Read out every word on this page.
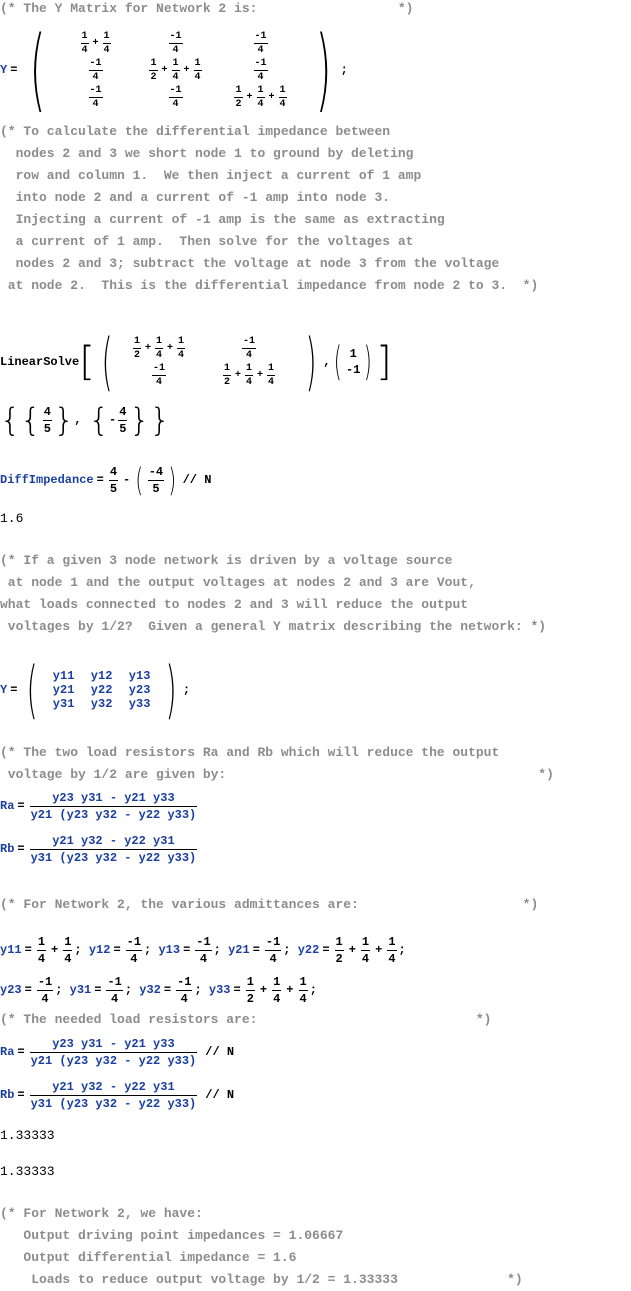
(* The Y Matrix for Network 2 is:                  *)
Y = (	1
4
+
1
4
-1
4
-1
4
-1
4
1
2
+
1
4
+
1
4
-1
4
-1
4
-1
4
1
2
+
1
4
+
1
4 ) ;
(* To calculate the differential impedance between
nodes 2 and 3 we short node 1 to ground by deleting
row and column 1.  We then inject a current of 1 amp
into node 2 and a current of -1 amp into node 3.
Injecting a current of -1 amp is the same as extracting
a current of 1 amp.  Then solve for the voltages at
nodes 2 and 3; subtract the voltage at node 3 from the voltage
at node 2.  This is the differential impedance from node 2 to 3.  *)
LinearSolve [ ( 1
2
+
1
4
+
1
4
-1
4
-1
4
1
2
+
1
4
+
1
4 ) , ( 1
-1 ) ]
{ { 4
5 } , { -
4
5 } }
DiffImpedance =
4
5
- ( -4
5 ) // N
1.6
(* If a given 3 node network is driven by a voltage source
at node 1 and the output voltages at nodes 2 and 3 are Vout,
what loads connected to nodes 2 and 3 will reduce the output
voltages by 1/2?  Given a general Y matrix describing the network: *)
Y = ( y11 y12 y13
y21 y22 y23
y31 y32 y33 ) ;
(* The two load resistors Ra and Rb which will reduce the output
voltage by 1/2 are given by:                                        *)
Ra =
y23 y31 - y21 y33
y21 (y23 y32 - y22 y33)
Rb =
y21 y32 - y22 y31
y31 (y23 y32 - y22 y33)
(* For Network 2, the various admittances are:                     *)
y11 =
1
4
+
1
4
; y12 =
-1
4
; y13 =
-1
4
; y21 =
-1
4
; y22 =
1
2
+
1
4
+
1
4
;
y23 =
-1
4
; y31 =
-1
4
; y32 =
-1
4
; y33 =
1
2
+
1
4
+
1
4
;
(* The needed load resistors are:                            *)
Ra =
y23 y31 - y21 y33
y21 (y23 y32 - y22 y33)
// N
Rb =
y21 y32 - y22 y31
y31 (y23 y32 - y22 y33)
// N
1.33333
1.33333
(* For Network 2, we have:
Output driving point impedances = 1.06667
Output differential impedance = 1.6
Loads to reduce output voltage by 1/2 = 1.33333              *)
